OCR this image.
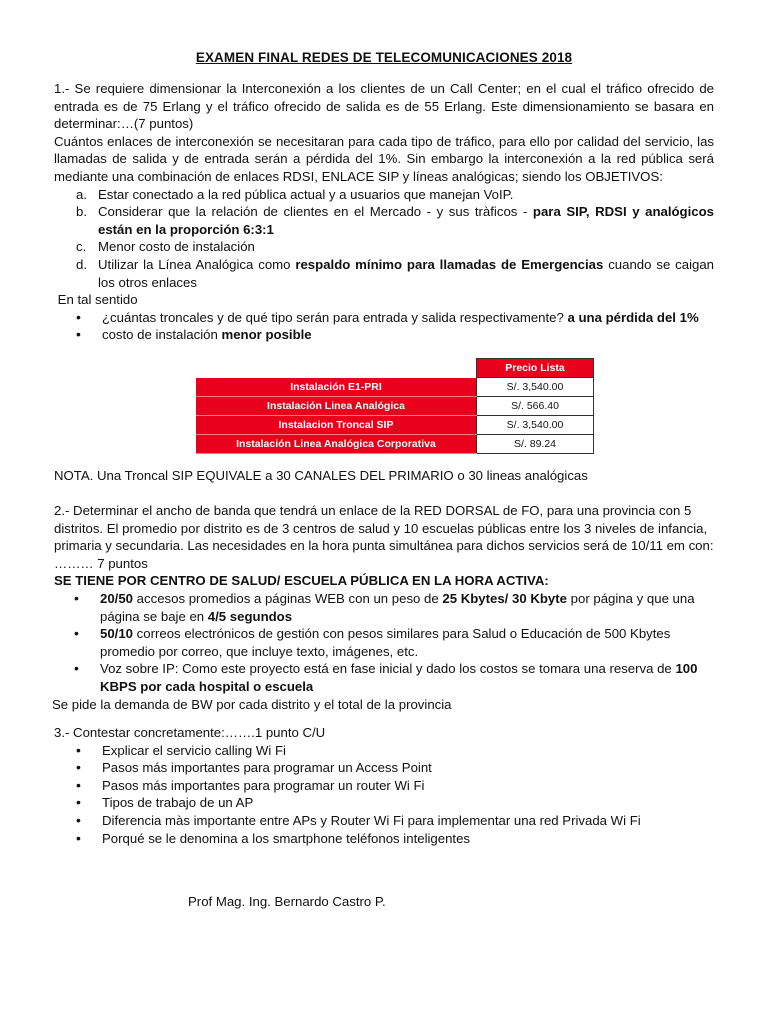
EXAMEN FINAL REDES DE TELECOMUNICACIONES 2018
1.- Se requiere dimensionar la Interconexión a los clientes de un Call Center; en el cual el tráfico ofrecido de entrada es de 75 Erlang y el tráfico ofrecido de salida es de 55 Erlang. Este dimensionamiento se basara en determinar:…(7 puntos)
Cuántos enlaces de interconexión se necesitaran para cada tipo de tráfico, para ello por calidad del servicio, las llamadas de salida y de entrada serán a pérdida del 1%. Sin embargo la interconexión a la red pública será mediante una combinación de enlaces RDSI, ENLACE SIP y líneas analógicas; siendo los OBJETIVOS:
a. Estar conectado a la red pública actual y a usuarios que manejan VoIP.
b. Considerar que la relación de clientes en el Mercado - y sus tràficos - para SIP, RDSI y analógicos están en la proporción 6:3:1
c. Menor costo de instalación
d. Utilizar la Línea Analógica como respaldo mínimo para llamadas de Emergencias cuando se caigan los otros enlaces
En tal sentido
• ¿cuántas troncales y de qué tipo serán para entrada y salida respectivamente? a una pérdida del 1%
• costo de instalación menor posible
	Precio Lista
Instalación E1-PRI	S/. 3,540.00
Instalación Linea Analógica	S/. 566.40
Instalacion Troncal SIP	S/. 3,540.00
Instalación Linea Analógica Corporativa	S/. 89.24
NOTA. Una Troncal SIP EQUIVALE a 30 CANALES DEL PRIMARIO o 30 lineas analógicas
2.- Determinar el ancho de banda que tendrá un enlace de la RED DORSAL de FO, para una provincia con 5 distritos. El promedio por distrito es de 3 centros de salud y 10 escuelas públicas entre los 3 niveles de infancia, primaria y secundaria. Las necesidades en la hora punta simultánea para dichos servicios será de 10/11 em con: ……… 7 puntos
SE TIENE POR CENTRO DE SALUD/ ESCUELA PÚBLICA EN LA HORA ACTIVA:
• 20/50 accesos promedios a páginas WEB con un peso de 25 Kbytes/ 30 Kbyte por página y que una página se baje en 4/5 segundos
• 50/10 correos electrónicos de gestión con pesos similares para Salud o Educación de 500 Kbytes promedio por correo, que incluye texto, imágenes, etc.
• Voz sobre IP: Como este proyecto está en fase inicial y dado los costos se tomara una reserva de 100 KBPS por cada hospital o escuela
Se pide la demanda de BW por cada distrito y el total de la provincia
3.- Contestar concretamente:…….1 punto C/U
• Explicar el servicio calling Wi Fi
• Pasos más importantes para programar un Access Point
• Pasos más importantes para programar un router Wi Fi
• Tipos de trabajo de un AP
• Diferencia màs importante entre APs y Router Wi Fi para implementar una red Privada Wi Fi
• Porqué se le denomina a los smartphone teléfonos inteligentes
Prof Mag. Ing. Bernardo Castro P.
